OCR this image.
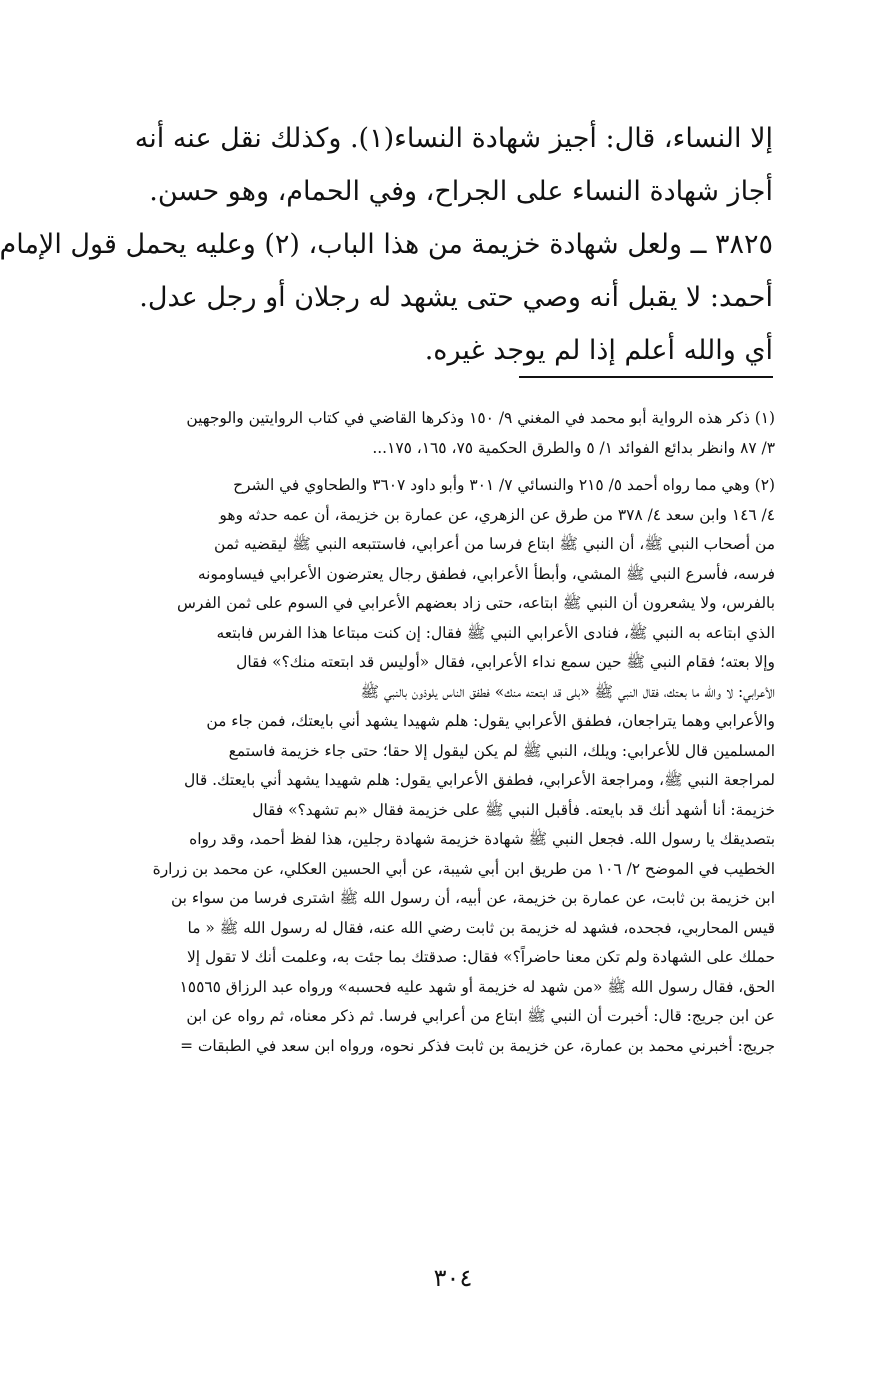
إلا النساء، قال: أجيز شهادة النساء(١). وكذلك نقل عنه أنه
أجاز شهادة النساء على الجراح، وفي الحمام، وهو حسن.
٣٨٢٥ ــ ولعل شهادة خزيمة من هذا الباب، (٢) وعليه يحمل قول الإمام
أحمد: لا يقبل أنه وصي حتى يشهد له رجلان أو رجل عدل.
أي والله أعلم إذا لم يوجد غيره.
(١) ذكر هذه الرواية أبو محمد في المغني ٩/ ١٥٠ وذكرها القاضي في كتاب الروايتين والوجهين
٣/ ٨٧ وانظر بدائع الفوائد ١/ ٥ والطرق الحكمية ٧٥، ١٦٥، ١٧٥...
(٢) وهي مما رواه أحمد ٥/ ٢١٥ والنسائي ٧/ ٣٠١ وأبو داود ٣٦٠٧ والطحاوي في الشرح
٤/ ١٤٦ وابن سعد ٤/ ٣٧٨ من طرق عن الزهري، عن عمارة بن خزيمة، أن عمه حدثه وهو
من أصحاب النبي ﷺ، أن النبي ﷺ ابتاع فرسا من أعرابي، فاستتبعه النبي ﷺ ليقضيه ثمن
فرسه، فأسرع النبي ﷺ المشي، وأبطأ الأعرابي، فطفق رجال يعترضون الأعرابي فيساومونه
بالفرس، ولا يشعرون أن النبي ﷺ ابتاعه، حتى زاد بعضهم الأعرابي في السوم على ثمن الفرس
الذي ابتاعه به النبي ﷺ، فنادى الأعرابي النبي ﷺ فقال: إن كنت مبتاعا هذا الفرس فابتعه
وإلا بعته؛ فقام النبي ﷺ حين سمع نداء الأعرابي، فقال «أوليس قد ابتعته منك؟» فقال
الأعرابي: لا والله ما بعتك، فقال النبي ﷺ «بلى قد ابتعته منك» فطفق الناس يلوذون بالنبي ﷺ
والأعرابي وهما يتراجعان، فطفق الأعرابي يقول: هلم شهيدا يشهد أني بايعتك، فمن جاء من
المسلمين قال للأعرابي: ويلك، النبي ﷺ لم يكن ليقول إلا حقا؛ حتى جاء خزيمة فاستمع
لمراجعة النبي ﷺ، ومراجعة الأعرابي، فطفق الأعرابي يقول: هلم شهيدا يشهد أني بايعتك. قال
خزيمة: أنا أشهد أنك قد بايعته. فأقبل النبي ﷺ على خزيمة فقال «بم تشهد؟» فقال
بتصديقك يا رسول الله. فجعل النبي ﷺ شهادة خزيمة شهادة رجلين، هذا لفظ أحمد، وقد رواه
الخطيب في الموضح ٢/ ١٠٦ من طريق ابن أبي شيبة، عن أبي الحسين العكلي، عن محمد بن زرارة
ابن خزيمة بن ثابت، عن عمارة بن خزيمة، عن أبيه، أن رسول الله ﷺ اشترى فرسا من سواء بن
قيس المحاربي، فجحده، فشهد له خزيمة بن ثابت رضي الله عنه، فقال له رسول الله ﷺ « ما
حملك على الشهادة ولم تكن معنا حاضراً؟» فقال: صدقتك بما جئت به، وعلمت أنك لا تقول إلا
الحق، فقال رسول الله ﷺ «من شهد له خزيمة أو شهد عليه فحسبه» ورواه عبد الرزاق ١٥٥٦٥
عن ابن جريج: قال: أخبرت أن النبي ﷺ ابتاع من أعرابي فرسا. ثم ذكر معناه، ثم رواه عن ابن
جريج: أخبرني محمد بن عمارة، عن خزيمة بن ثابت فذكر نحوه، ورواه ابن سعد في الطبقات =
٣٠٤
